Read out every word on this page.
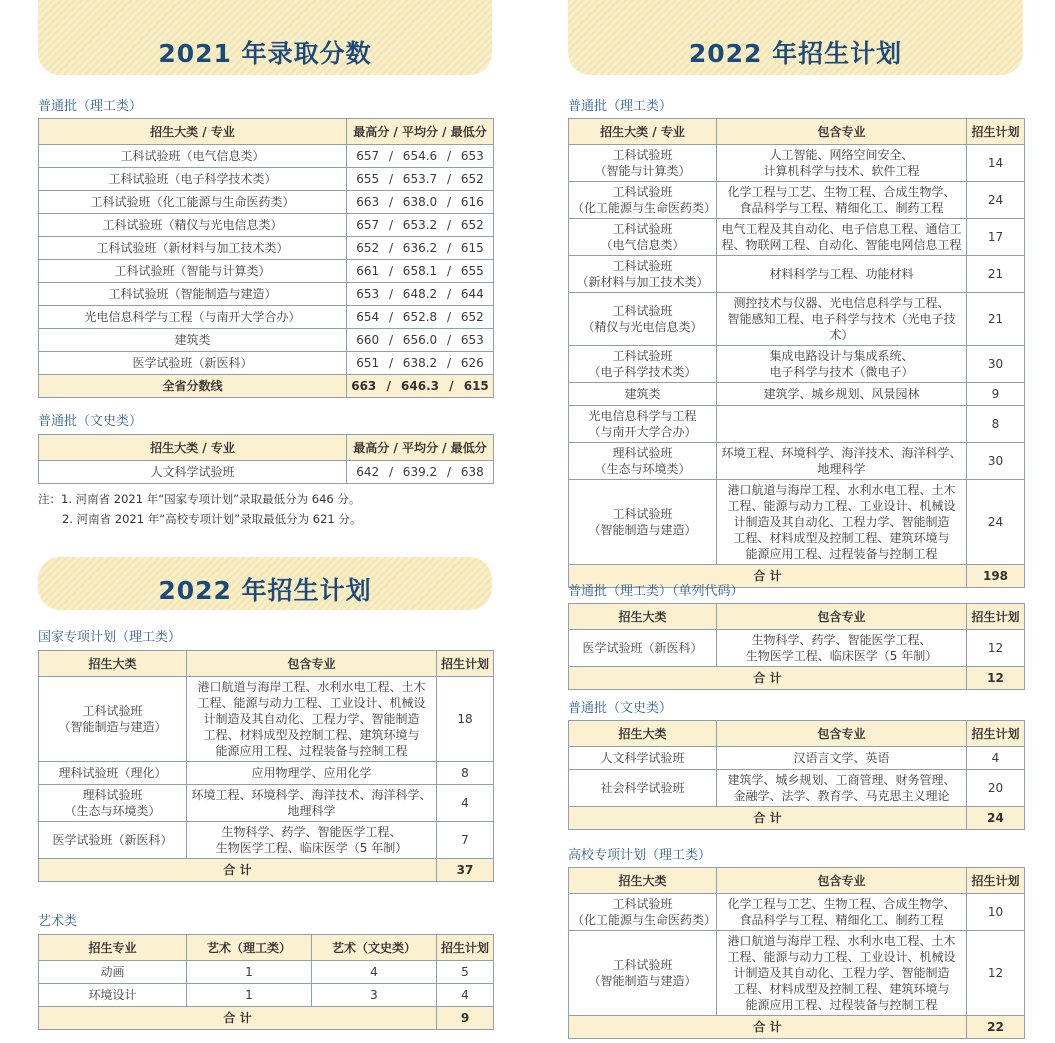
2021 年录取分数
普通批（理工类）
招生大类 / 专业	最高分 / 平均分 / 最低分
工科试验班（电气信息类）	657 / 654.6 / 653
工科试验班（电子科学技术类）	655 / 653.7 / 652
工科试验班（化工能源与生命医药类）	663 / 638.0 / 616
工科试验班（精仪与光电信息类）	657 / 653.2 / 652
工科试验班（新材料与加工技术类）	652 / 636.2 / 615
工科试验班（智能与计算类）	661 / 658.1 / 655
工科试验班（智能制造与建造）	653 / 648.2 / 644
光电信息科学与工程（与南开大学合办）	654 / 652.8 / 652
建筑类	660 / 656.0 / 653
医学试验班（新医科）	651 / 638.2 / 626
全省分数线	663 / 646.3 / 615
普通批（文史类）
招生大类 / 专业	最高分 / 平均分 / 最低分
人文科学试验班	642 / 639.2 / 638
注：1. 河南省 2021 年“国家专项计划”录取最低分为 646 分。
2. 河南省 2021 年“高校专项计划”录取最低分为 621 分。
2022 年招生计划
国家专项计划（理工类）
招生大类	包含专业	招生计划
工科试验班
（智能制造与建造）	港口航道与海岸工程、水利水电工程、土木
工程、能源与动力工程、工业设计、机械设
计制造及其自动化、工程力学、智能制造
工程、材料成型及控制工程、建筑环境与
能源应用工程、过程装备与控制工程	18
理科试验班（理化）	应用物理学、应用化学	8
理科试验班
（生态与环境类）	环境工程、环境科学、海洋技术、海洋科学、
地理科学	4
医学试验班（新医科）	生物科学、药学、智能医学工程、
生物医学工程、临床医学（5 年制）	7
合 计		37
艺术类
招生专业	艺术（理工类）	艺术（文史类）	招生计划
动画	1	4	5
环境设计	1	3	4
合 计			9
2022 年招生计划
普通批（理工类）
招生大类 / 专业	包含专业	招生计划
工科试验班
（智能与计算类）	人工智能、网络空间安全、
计算机科学与技术、软件工程	14
工科试验班
（化工能源与生命医药类）	化学工程与工艺、生物工程、合成生物学、
食品科学与工程、精细化工、制药工程	24
工科试验班
（电气信息类）	电气工程及其自动化、电子信息工程、通信工
程、物联网工程、自动化、智能电网信息工程	17
工科试验班
（新材料与加工技术类）	材料科学与工程、功能材料	21
工科试验班
（精仪与光电信息类）	测控技术与仪器、光电信息科学与工程、
智能感知工程、电子科学与技术（光电子技术）	21
工科试验班
（电子科学技术类）	集成电路设计与集成系统、
电子科学与技术（微电子）	30
建筑类	建筑学、城乡规划、风景园林	9
光电信息科学与工程
（与南开大学合办）		8
理科试验班
（生态与环境类）	环境工程、环境科学、海洋技术、海洋科学、
地理科学	30
工科试验班
（智能制造与建造）	港口航道与海岸工程、水利水电工程、土木
工程、能源与动力工程、工业设计、机械设
计制造及其自动化、工程力学、智能制造
工程、材料成型及控制工程、建筑环境与
能源应用工程、过程装备与控制工程	24
合 计		198
普通批（理工类）（单列代码）
招生大类	包含专业	招生计划
医学试验班（新医科）	生物科学、药学、智能医学工程、
生物医学工程、临床医学（5 年制）	12
合 计		12
普通批（文史类）
招生大类	包含专业	招生计划
人文科学试验班	汉语言文学、英语	4
社会科学试验班	建筑学、城乡规划、工商管理、财务管理、
金融学、法学、教育学、马克思主义理论	20
合 计		24
高校专项计划（理工类）
招生大类	包含专业	招生计划
工科试验班
（化工能源与生命医药类）	化学工程与工艺、生物工程、合成生物学、
食品科学与工程、精细化工、制药工程	10
工科试验班
（智能制造与建造）	港口航道与海岸工程、水利水电工程、土木
工程、能源与动力工程、工业设计、机械设
计制造及其自动化、工程力学、智能制造
工程、材料成型及控制工程、建筑环境与
能源应用工程、过程装备与控制工程	12
合 计		22
